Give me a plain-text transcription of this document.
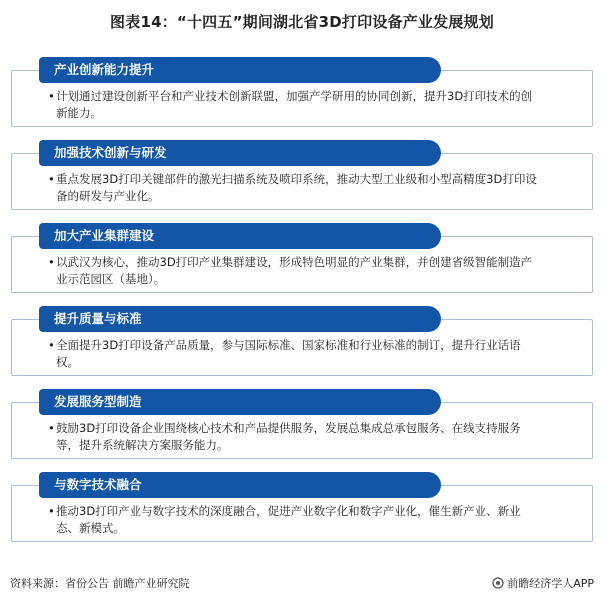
图表14：“十四五”期间湖北省3D打印设备产业发展规划
产业创新能力提升
• 计划通过建设创新平台和产业技术创新联盟，加强产学研用的协同创新，提升3D打印技术的创新能力。
加强技术创新与研发
• 重点发展3D打印关键部件的激光扫描系统及喷印系统，推动大型工业级和小型高精度3D打印设备的研发与产业化。
加大产业集群建设
• 以武汉为核心，推动3D打印产业集群建设，形成特色明显的产业集群，并创建省级智能制造产业示范园区（基地）。
提升质量与标准
• 全面提升3D打印设备产品质量，参与国际标准、国家标准和行业标准的制订，提升行业话语权。
发展服务型制造
• 鼓励3D打印设备企业围绕核心技术和产品提供服务，发展总集成总承包服务、在线支持服务等，提升系统解决方案服务能力。
与数字技术融合
• 推动3D打印产业与数字技术的深度融合，促进产业数字化和数字产业化，催生新产业、新业态、新模式。
资料来源：省份公告 前瞻产业研究院	前瞻经济学人APP
